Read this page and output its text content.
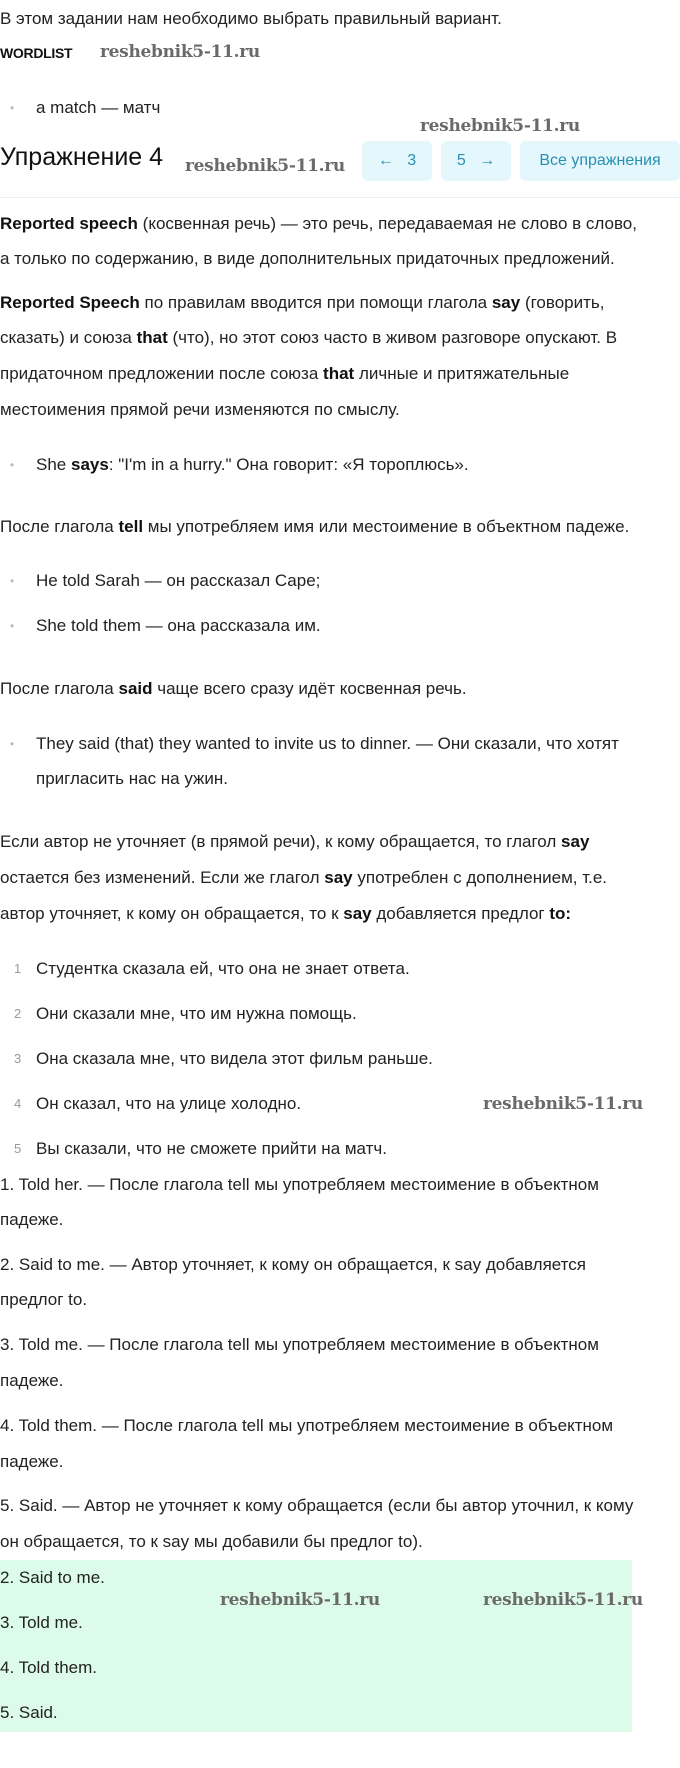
В этом задании нам необходимо выбрать правильный вариант.
WORDLIST
• a match — матч
Упражнение 4	←
3	5
→	Все упражнения
Reported speech (косвенная речь) — это речь, передаваемая не слово в слово,
а только по содержанию, в виде дополнительных придаточных предложений.
Reported Speech по правилам вводится при помощи глагола say (говорить,
сказать) и союза that (что), но этот союз часто в живом разговоре опускают. В
придаточном предложении после союза that личные и притяжательные
местоимения прямой речи изменяются по смыслу.
• She says: "I'm in a hurry." Она говорит: «Я тороплюсь».
После глагола tell мы употребляем имя или местоимение в объектном падеже.
• He told Sarah — он рассказал Саре;
• She told them — она рассказала им.
После глагола said чаще всего сразу идёт косвенная речь.
• They said (that) they wanted to invite us to dinner. — Они сказали, что хотят
пригласить нас на ужин.
Если автор не уточняет (в прямой речи), к кому обращается, то глагол say
остается без изменений. Если же глагол say употреблен с дополнением, т.е.
автор уточняет, к кому он обращается, то к say добавляется предлог to:
1 Студентка сказала ей, что она не знает ответа.
2 Они сказали мне, что им нужна помощь.
3 Она сказала мне, что видела этот фильм раньше.
4 Он сказал, что на улице холодно.
5 Вы сказали, что не сможете прийти на матч.
1. Told her. — После глагола tell мы употребляем местоимение в объектном
падеже.
2. Said to me. — Автор уточняет, к кому он обращается, к say добавляется
предлог to.
3. Told me. — После глагола tell мы употребляем местоимение в объектном
падеже.
4. Told them. — После глагола tell мы употребляем местоимение в объектном
падеже.
5. Said. — Автор не уточняет к кому обращается (если бы автор уточнил, к кому
он обращается, то к say мы добавили бы предлог to).
2. Said to me.
3. Told me.
4. Told them.
5. Said.
reshebnik5-11.ru
reshebnik5-11.ru
reshebnik5-11.ru
reshebnik5-11.ru
reshebnik5-11.ru	reshebnik5-11.ru
